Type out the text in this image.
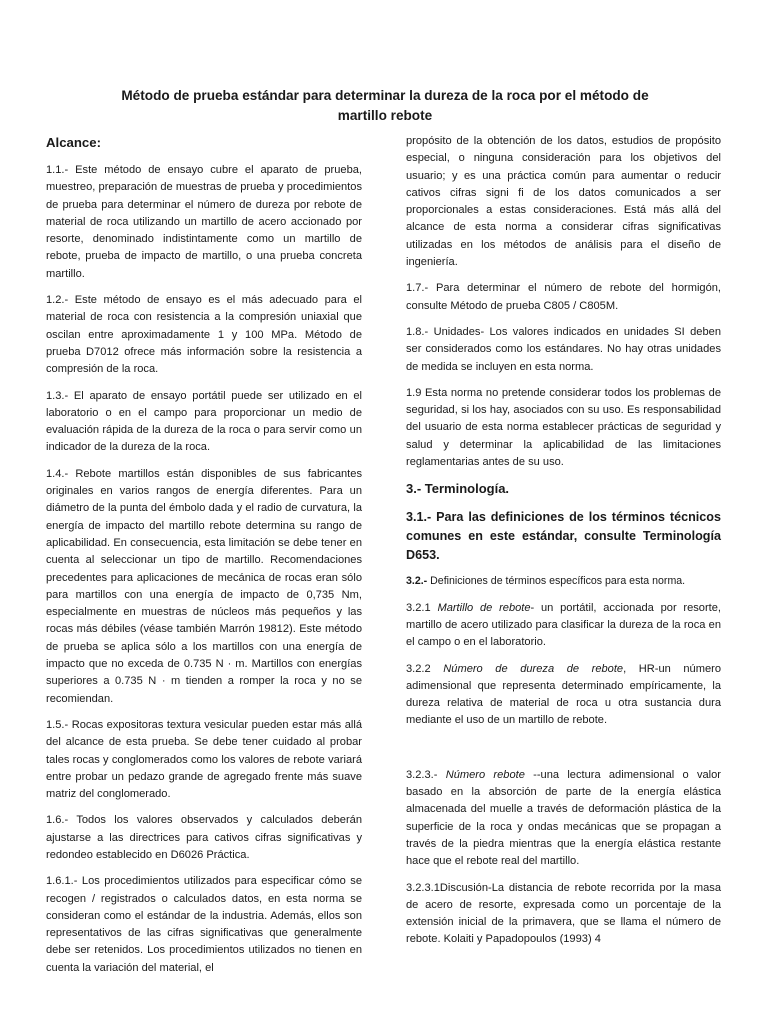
Método de prueba estándar para determinar la dureza de la roca por el método de martillo rebote
Alcance:

1.1.- Este método de ensayo cubre el aparato de prueba, muestreo, preparación de muestras de prueba y procedimientos de prueba para determinar el número de dureza por rebote de material de roca utilizando un martillo de acero accionado por resorte, denominado indistintamente como un martillo de rebote, prueba de impacto de martillo, o una prueba concreta martillo.

1.2.- Este método de ensayo es el más adecuado para el material de roca con resistencia a la compresión uniaxial que oscilan entre aproximadamente 1 y 100 MPa. Método de prueba D7012 ofrece más información sobre la resistencia a compresión de la roca.

1.3.- El aparato de ensayo portátil puede ser utilizado en el laboratorio o en el campo para proporcionar un medio de evaluación rápida de la dureza de la roca o para servir como un indicador de la dureza de la roca.

1.4.- Rebote martillos están disponibles de sus fabricantes originales en varios rangos de energía diferentes. Para un diámetro de la punta del émbolo dada y el radio de curvatura, la energía de impacto del martillo rebote determina su rango de aplicabilidad. En consecuencia, esta limitación se debe tener en cuenta al seleccionar un tipo de martillo. Recomendaciones precedentes para aplicaciones de mecánica de rocas eran sólo para martillos con una energía de impacto de 0,735 Nm, especialmente en muestras de núcleos más pequeños y las rocas más débiles (véase también Marrón 19812). Este método de prueba se aplica sólo a los martillos con una energía de impacto que no exceda de 0.735 N · m. Martillos con energías superiores a 0.735 N · m tienden a romper la roca y no se recomiendan.

1.5.- Rocas expositoras textura vesicular pueden estar más allá del alcance de esta prueba. Se debe tener cuidado al probar tales rocas y conglomerados como los valores de rebote variará entre probar un pedazo grande de agregado frente más suave matriz del conglomerado.

1.6.- Todos los valores observados y calculados deberán ajustarse a las directrices para cativos cifras significativas y redondeo establecido en D6026 Práctica.

1.6.1.- Los procedimientos utilizados para especificar cómo se recogen / registrados o calculados datos, en esta norma se consideran como el estándar de la industria. Además, ellos son representativos de las cifras significativas que generalmente debe ser retenidos. Los procedimientos utilizados no tienen en cuenta la variación del material, el

propósito de la obtención de los datos, estudios de propósito especial, o ninguna consideración para los objetivos del usuario; y es una práctica común para aumentar o reducir cativos cifras signi fi de los datos comunicados a ser proporcionales a estas consideraciones. Está más allá del alcance de esta norma a considerar cifras significativas utilizadas en los métodos de análisis para el diseño de ingeniería.

1.7.- Para determinar el número de rebote del hormigón, consulte Método de prueba C805 / C805M.

1.8.- Unidades- Los valores indicados en unidades SI deben ser considerados como los estándares. No hay otras unidades de medida se incluyen en esta norma.

1.9 Esta norma no pretende considerar todos los problemas de seguridad, si los hay, asociados con su uso. Es responsabilidad del usuario de esta norma establecer prácticas de seguridad y salud y determinar la aplicabilidad de las limitaciones reglamentarias antes de su uso.

3.- Terminología.
3.1.- Para las definiciones de los términos técnicos comunes en este estándar, consulte Terminología D653.

3.2.- Definiciones de términos específicos para esta norma.

3.2.1 Martillo de rebote- un portátil, accionada por resorte, martillo de acero utilizado para clasificar la dureza de la roca en el campo o en el laboratorio.

3.2.2 Número de dureza de rebote, HR-un número adimensional que representa determinado empíricamente, la dureza relativa de material de roca u otra sustancia dura mediante el uso de un martillo de rebote.

3.2.3.- Número rebote --una lectura adimensional o valor basado en la absorción de parte de la energía elástica almacenada del muelle a través de deformación plástica de la superficie de la roca y ondas mecánicas que se propagan a través de la piedra mientras que la energía elástica restante hace que el rebote real del martillo.

3.2.3.1Discusión-La distancia de rebote recorrida por la masa de acero de resorte, expresada como un porcentaje de la extensión inicial de la primavera, que se llama el número de rebote. Kolaiti y Papadopoulos (1993) 4
